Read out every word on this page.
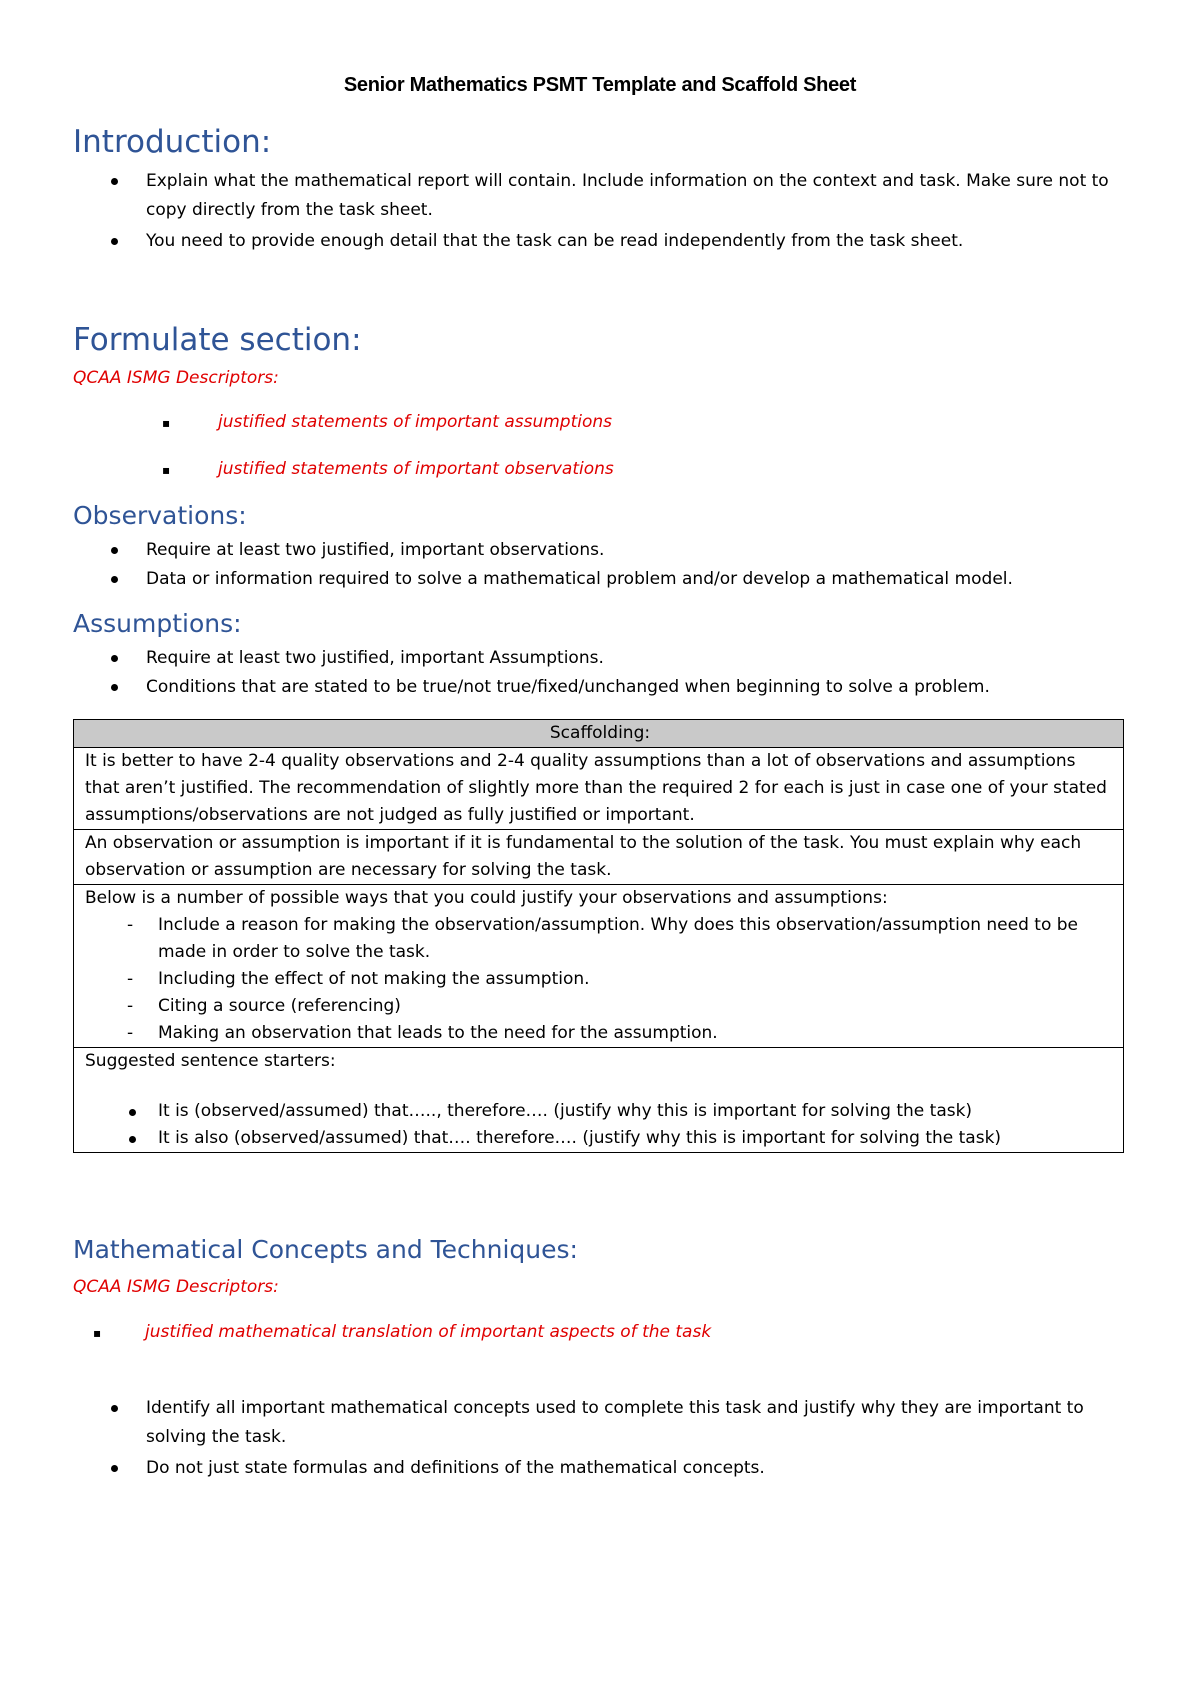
Senior Mathematics PSMT Template and Scaffold Sheet
Introduction:
Explain what the mathematical report will contain. Include information on the context and task. Make sure not to copy directly from the task sheet.
You need to provide enough detail that the task can be read independently from the task sheet.
Formulate section:
QCAA ISMG Descriptors:
▪	justified statements of important assumptions
▪	justified statements of important observations
Observations:
Require at least two justified, important observations.
Data or information required to solve a mathematical problem and/or develop a mathematical model.
Assumptions:
Require at least two justified, important Assumptions.
Conditions that are stated to be true/not true/fixed/unchanged when beginning to solve a problem.
Scaffolding:
It is better to have 2-4 quality observations and 2-4 quality assumptions than a lot of observations and assumptions that aren’t justified. The recommendation of slightly more than the required 2 for each is just in case one of your stated assumptions/observations are not judged as fully justified or important.
An observation or assumption is important if it is fundamental to the solution of the task. You must explain why each observation or assumption are necessary for solving the task.

Below is a number of possible ways that you could justify your observations and assumptions:
- Include a reason for making the observation/assumption. Why does this observation/assumption need to be made in order to solve the task.
- Including the effect of not making the assumption.
- Citing a source (referencing)
- Making an observation that leads to the need for the assumption.

Suggested sentence starters:
It is (observed/assumed) that….., therefore…. (justify why this is important for solving the task)
It is also (observed/assumed) that…. therefore…. (justify why this is important for solving the task)
Mathematical Concepts and Techniques:
QCAA ISMG Descriptors:
▪	justified mathematical translation of important aspects of the task
Identify all important mathematical concepts used to complete this task and justify why they are important to solving the task.
Do not just state formulas and definitions of the mathematical concepts.
